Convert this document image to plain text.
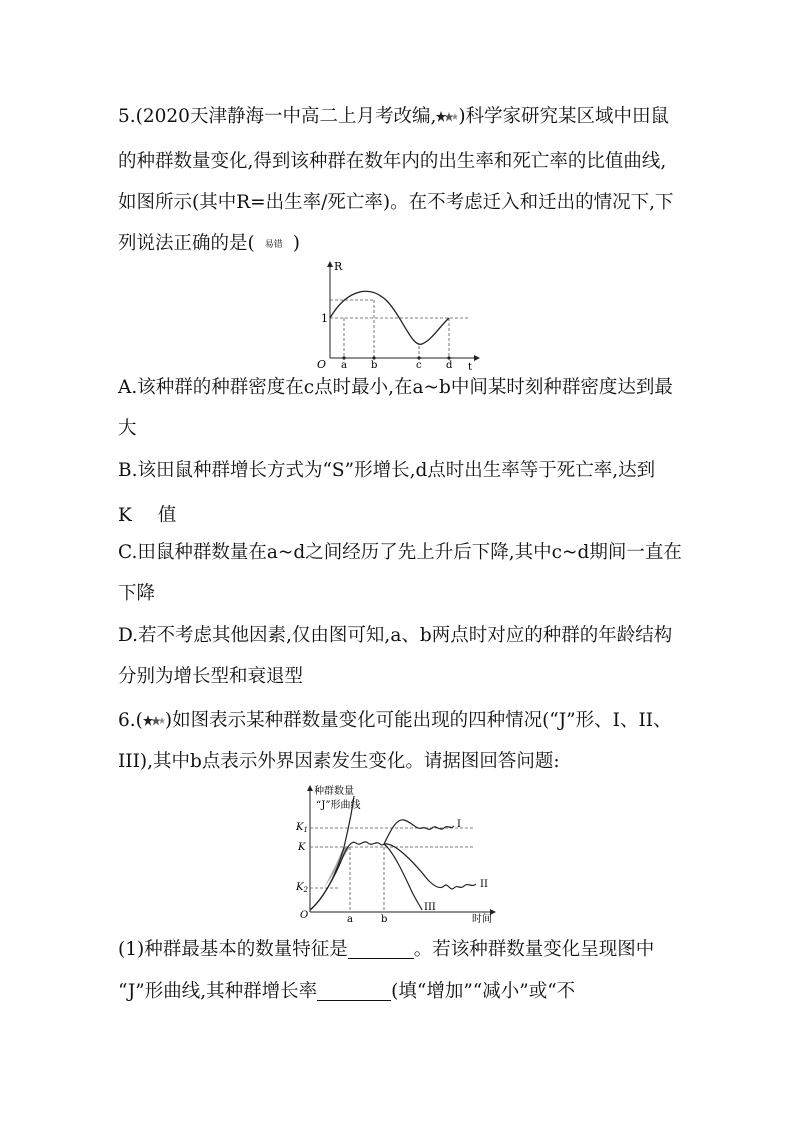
5.(2020天津静海一中高二上月考改编, )科学家研究某区域中田鼠
的种群数量变化,得到该种群在数年内的出生率和死亡率的比值曲线,
如图所示(其中R=出生率/死亡率)。在不考虑迁入和迁出的情况下,下
列说法正确的是( 易错 )
R
t
O
1
a b	c d
A.该种群的种群密度在c点时最小,在a~b中间某时刻种群密度达到最
大
B.该田鼠种群增长方式为“S”形增长,d点时出生率等于死亡率,达到
K 值
C.田鼠种群数量在a~d之间经历了先上升后下降,其中c~d期间一直在
下降
D.若不考虑其他因素,仅由图可知,a、b两点时对应的种群的年龄结构
分别为增长型和衰退型
6.( )如图表示某种群数量变化可能出现的四种情况(“J”形、I、II、
III),其中b点表示外界因素发生变化。请据图回答问题:
种群数量
“J”形曲线
时间
O
$K_1$
K
$K_2$
a	b
I
II
III
(1)种群最基本的数量特征是	。若该种群数量变化呈现图中
“J”形曲线,其种群增长率	(填“增加”“减小”或“不
